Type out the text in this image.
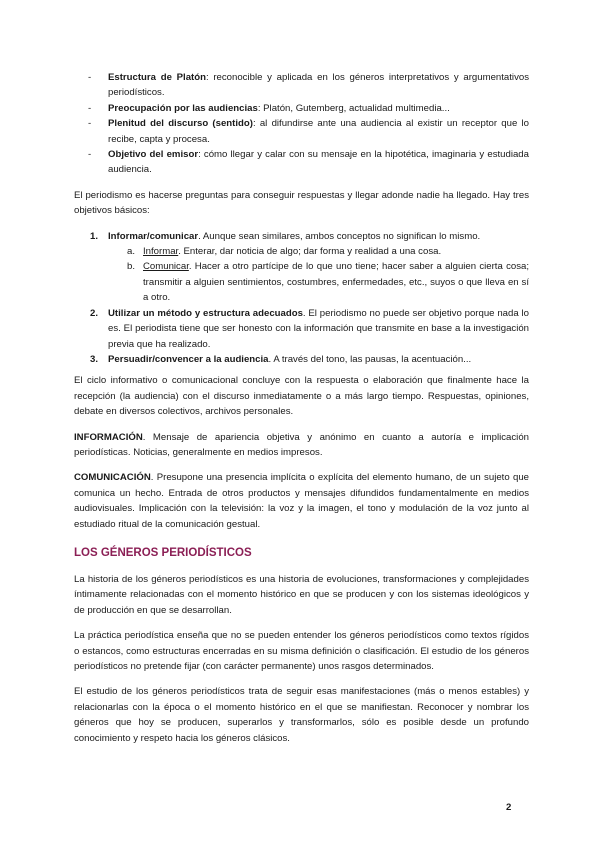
- Estructura de Platón: reconocible y aplicada en los géneros interpretativos y argumentativos periodísticos.
- Preocupación por las audiencias: Platón, Gutemberg, actualidad multimedia...
- Plenitud del discurso (sentido): al difundirse ante una audiencia al existir un receptor que lo recibe, capta y procesa.
- Objetivo del emisor: cómo llegar y calar con su mensaje en la hipotética, imaginaria y estudiada audiencia.

El periodismo es hacerse preguntas para conseguir respuestas y llegar adonde nadie ha llegado. Hay tres objetivos básicos:

1. Informar/comunicar. Aunque sean similares, ambos conceptos no significan lo mismo.
a. Informar. Enterar, dar noticia de algo; dar forma y realidad a una cosa.
b. Comunicar. Hacer a otro partícipe de lo que uno tiene; hacer saber a alguien cierta cosa; transmitir a alguien sentimientos, costumbres, enfermedades, etc., suyos o que lleva en sí a otro.
2. Utilizar un método y estructura adecuados. El periodismo no puede ser objetivo porque nada lo es. El periodista tiene que ser honesto con la información que transmite en base a la investigación previa que ha realizado.
3. Persuadir/convencer a la audiencia. A través del tono, las pausas, la acentuación...

El ciclo informativo o comunicacional concluye con la respuesta o elaboración que finalmente hace la recepción (la audiencia) con el discurso inmediatamente o a más largo tiempo. Respuestas, opiniones, debate en diversos colectivos, archivos personales.

INFORMACIÓN. Mensaje de apariencia objetiva y anónimo en cuanto a autoría e implicación periodísticas. Noticias, generalmente en medios impresos.

COMUNICACIÓN. Presupone una presencia implícita o explícita del elemento humano, de un sujeto que comunica un hecho. Entrada de otros productos y mensajes difundidos fundamentalmente en medios audiovisuales. Implicación con la televisión: la voz y la imagen, el tono y modulación de la voz junto al estudiado ritual de la comunicación gestual.

LOS GÉNEROS PERIODÍSTICOS

La historia de los géneros periodísticos es una historia de evoluciones, transformaciones y complejidades íntimamente relacionadas con el momento histórico en que se producen y con los sistemas ideológicos y de producción en que se desarrollan.

La práctica periodística enseña que no se pueden entender los géneros periodísticos como textos rígidos o estancos, como estructuras encerradas en su misma definición o clasificación. El estudio de los géneros periodísticos no pretende fijar (con carácter permanente) unos rasgos determinados.

El estudio de los géneros periodísticos trata de seguir esas manifestaciones (más o menos estables) y relacionarlas con la época o el momento histórico en el que se manifiestan. Reconocer y nombrar los géneros que hoy se producen, superarlos y transformarlos, sólo es posible desde un profundo conocimiento y respeto hacia los géneros clásicos.

2
